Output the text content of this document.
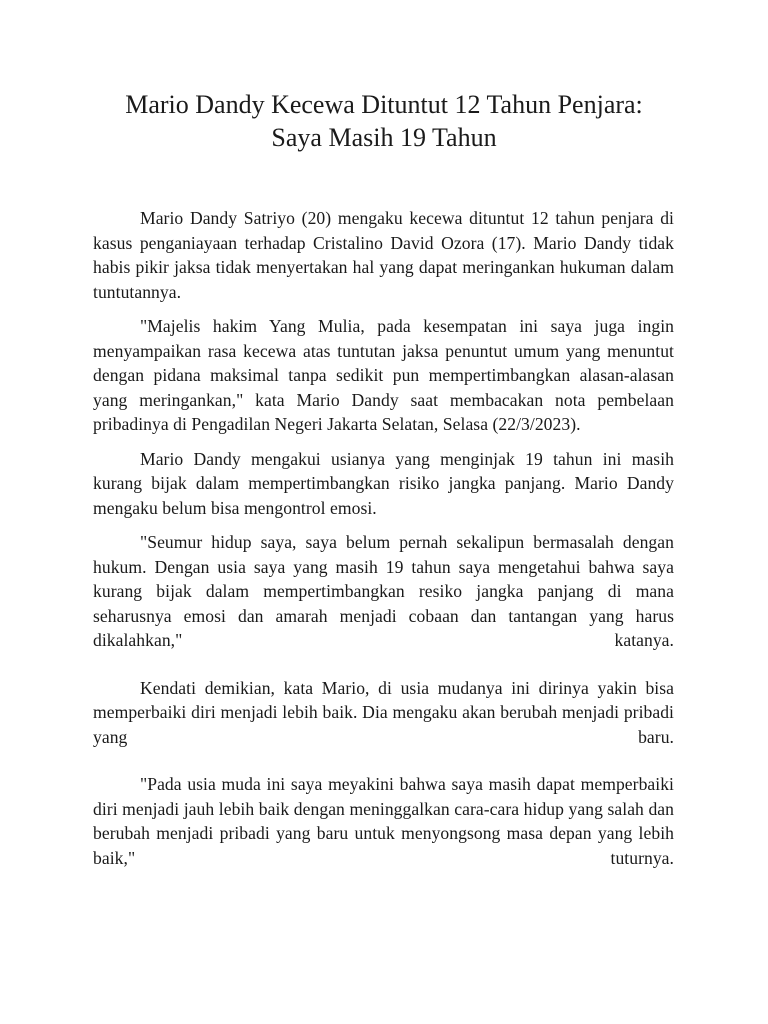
Mario Dandy Kecewa Dituntut 12 Tahun Penjara:
Saya Masih 19 Tahun

Mario Dandy Satriyo (20) mengaku kecewa dituntut 12 tahun penjara di kasus penganiayaan terhadap Cristalino David Ozora (17). Mario Dandy tidak habis pikir jaksa tidak menyertakan hal yang dapat meringankan hukuman dalam tuntutannya.

"Majelis hakim Yang Mulia, pada kesempatan ini saya juga ingin menyampaikan rasa kecewa atas tuntutan jaksa penuntut umum yang menuntut dengan pidana maksimal tanpa sedikit pun mempertimbangkan alasan-alasan yang meringankan," kata Mario Dandy saat membacakan nota pembelaan pribadinya di Pengadilan Negeri Jakarta Selatan, Selasa (22/3/2023).

Mario Dandy mengakui usianya yang menginjak 19 tahun ini masih kurang bijak dalam mempertimbangkan risiko jangka panjang. Mario Dandy mengaku belum bisa mengontrol emosi.

"Seumur hidup saya, saya belum pernah sekalipun bermasalah dengan hukum. Dengan usia saya yang masih 19 tahun saya mengetahui bahwa saya kurang bijak dalam mempertimbangkan resiko jangka panjang di mana seharusnya emosi dan amarah menjadi cobaan dan tantangan yang harus dikalahkan," katanya.

Kendati demikian, kata Mario, di usia mudanya ini dirinya yakin bisa memperbaiki diri menjadi lebih baik. Dia mengaku akan berubah menjadi pribadi yang baru.

"Pada usia muda ini saya meyakini bahwa saya masih dapat memperbaiki diri menjadi jauh lebih baik dengan meninggalkan cara-cara hidup yang salah dan berubah menjadi pribadi yang baru untuk menyongsong masa depan yang lebih baik," tuturnya.
